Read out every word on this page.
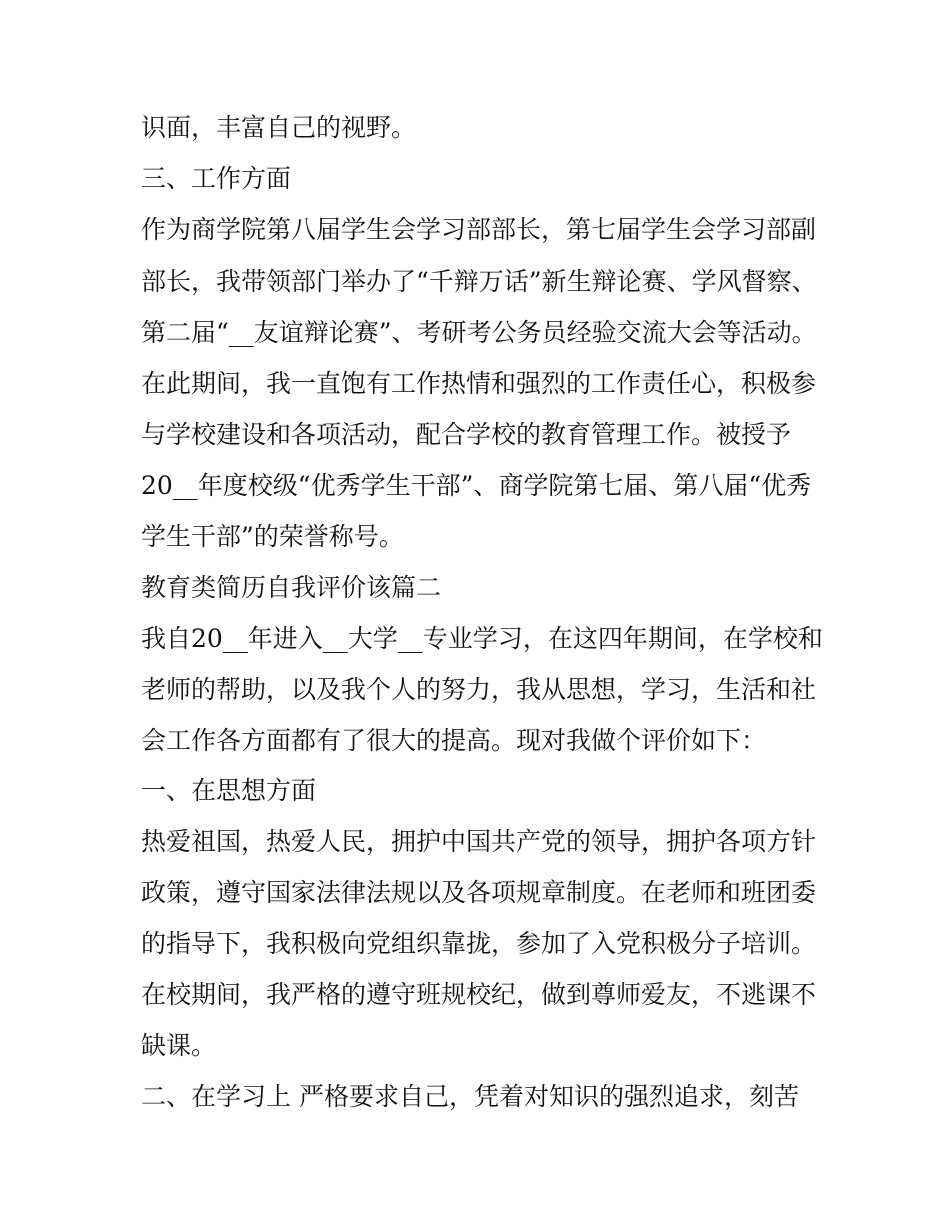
识面，丰富自己的视野。
三、工作方面
作为商学院第八届学生会学习部部长，第七届学生会学习部副
部长，我带领部门举办了“千辩万话”新生辩论赛、学风督察、
第二届“__友谊辩论赛”、考研考公务员经验交流大会等活动。
在此期间，我一直饱有工作热情和强烈的工作责任心，积极参
与学校建设和各项活动，配合学校的教育管理工作。被授予
20__年度校级“优秀学生干部”、商学院第七届、第八届“优秀
学生干部”的荣誉称号。
教育类简历自我评价该篇二
我自20__年进入__大学__专业学习，在这四年期间，在学校和
老师的帮助，以及我个人的努力，我从思想，学习，生活和社
会工作各方面都有了很大的提高。现对我做个评价如下：
一、在思想方面
热爱祖国，热爱人民，拥护中国共产党的领导，拥护各项方针
政策，遵守国家法律法规以及各项规章制度。在老师和班团委
的指导下，我积极向党组织靠拢，参加了入党积极分子培训。
在校期间，我严格的遵守班规校纪，做到尊师爱友，不逃课不
缺课。
二、在学习上 严格要求自己，凭着对知识的强烈追求，刻苦
